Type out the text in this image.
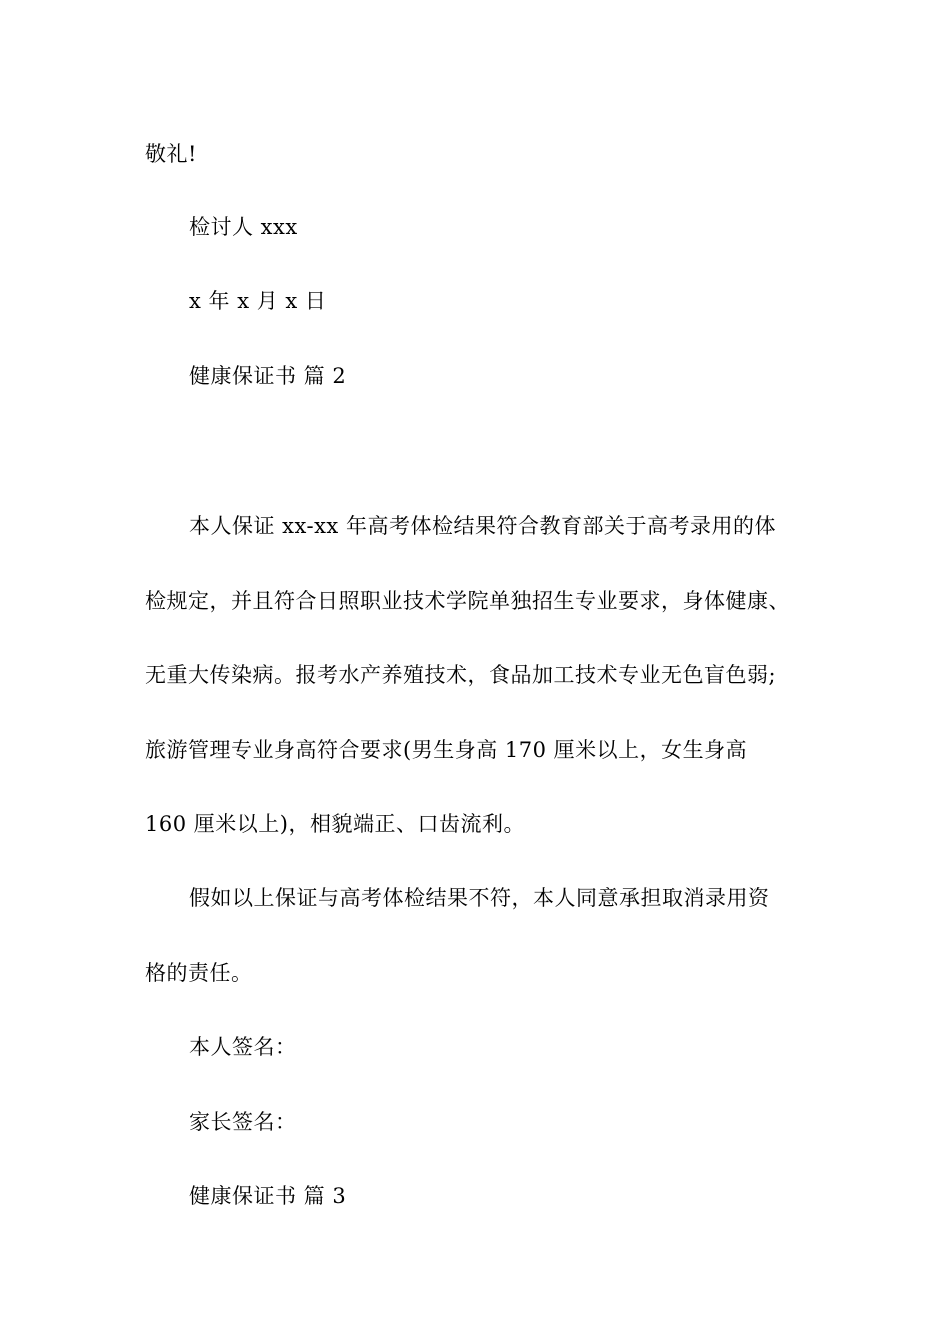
敬礼!
检讨人 xxx
x 年 x 月 x 日
健康保证书 篇 2
本人保证 xx-xx 年高考体检结果符合教育部关于高考录用的体
检规定，并且符合日照职业技术学院单独招生专业要求，身体健康、
无重大传染病。报考水产养殖技术，食品加工技术专业无色盲色弱;
旅游管理专业身高符合要求(男生身高 170 厘米以上，女生身高
160 厘米以上)，相貌端正、口齿流利。
假如以上保证与高考体检结果不符，本人同意承担取消录用资
格的责任。
本人签名：
家长签名：
健康保证书 篇 3
